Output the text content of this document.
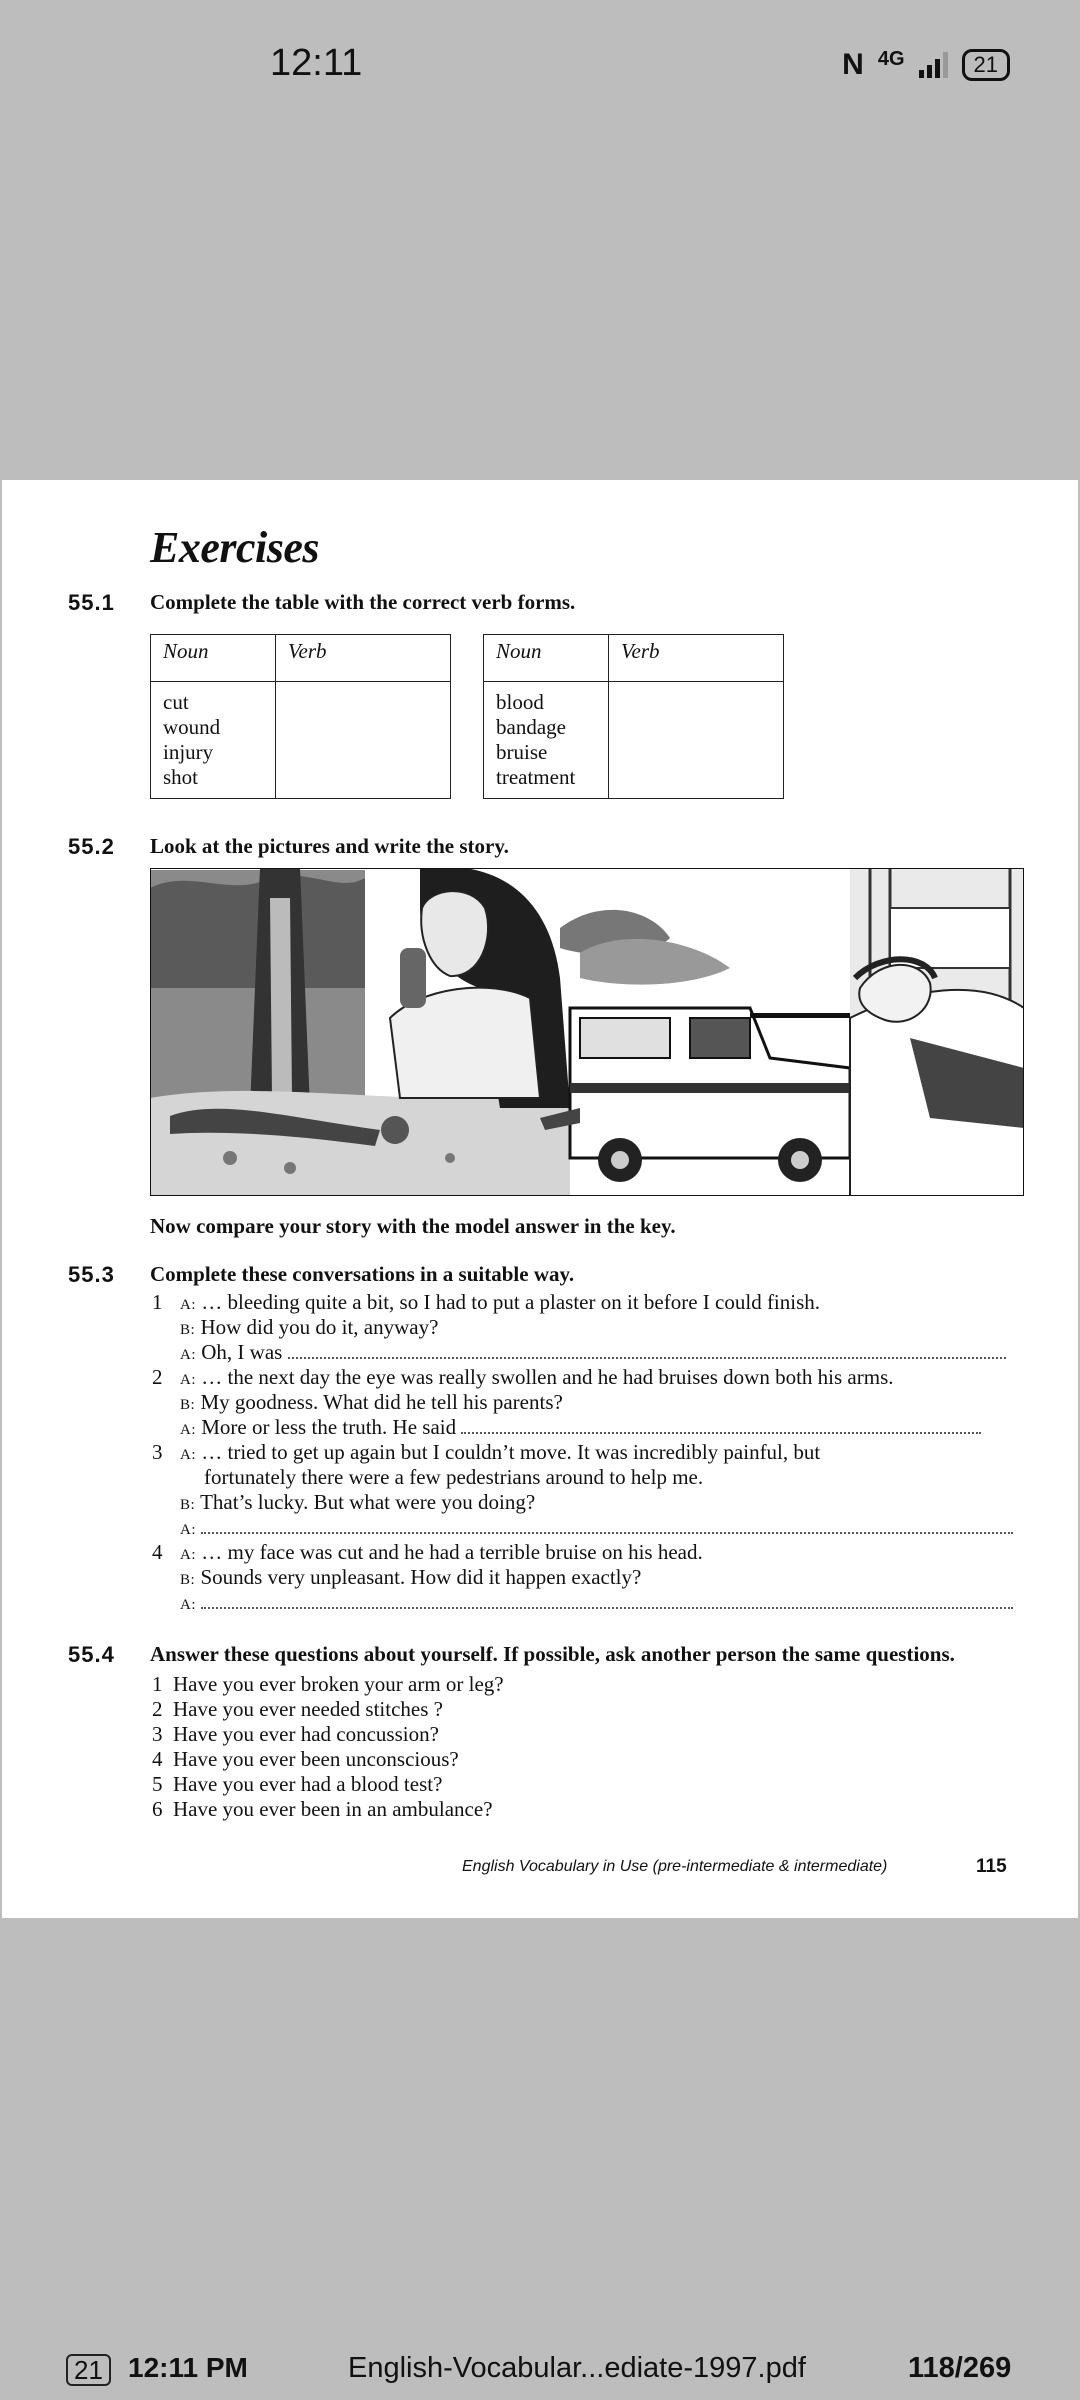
12:11	N 4G	21
Exercises
55.1 Complete the table with the correct verb forms.
Noun	Verb

cut
wound
injury
shot	

Noun	Verb

blood
bandage
bruise
treatment	

55.2 Look at the pictures and write the story.
Now compare your story with the model answer in the key.
55.3 Complete these conversations in a suitable way.
1 A: … bleeding quite a bit, so I had to put a plaster on it before I could finish.
B: How did you do it, anyway?
A: Oh, I was
2 A: … the next day the eye was really swollen and he had bruises down both his arms.
B: My goodness. What did he tell his parents?
A: More or less the truth. He said
3 A: … tried to get up again but I couldn’t move. It was incredibly painful, but
fortunately there were a few pedestrians around to help me.
B: That’s lucky. But what were you doing?
A:
4 A: … my face was cut and he had a terrible bruise on his head.
B: Sounds very unpleasant. How did it happen exactly?
A:
55.4 Answer these questions about yourself. If possible, ask another person the same questions.
1 Have you ever broken your arm or leg?
2 Have you ever needed stitches ?
3 Have you ever had concussion?
4 Have you ever been unconscious?
5 Have you ever had a blood test?
6 Have you ever been in an ambulance?
English Vocabulary in Use (pre-intermediate & intermediate)	115
21 12:11 PM	English-Vocabular...ediate-1997.pdf	118/269
